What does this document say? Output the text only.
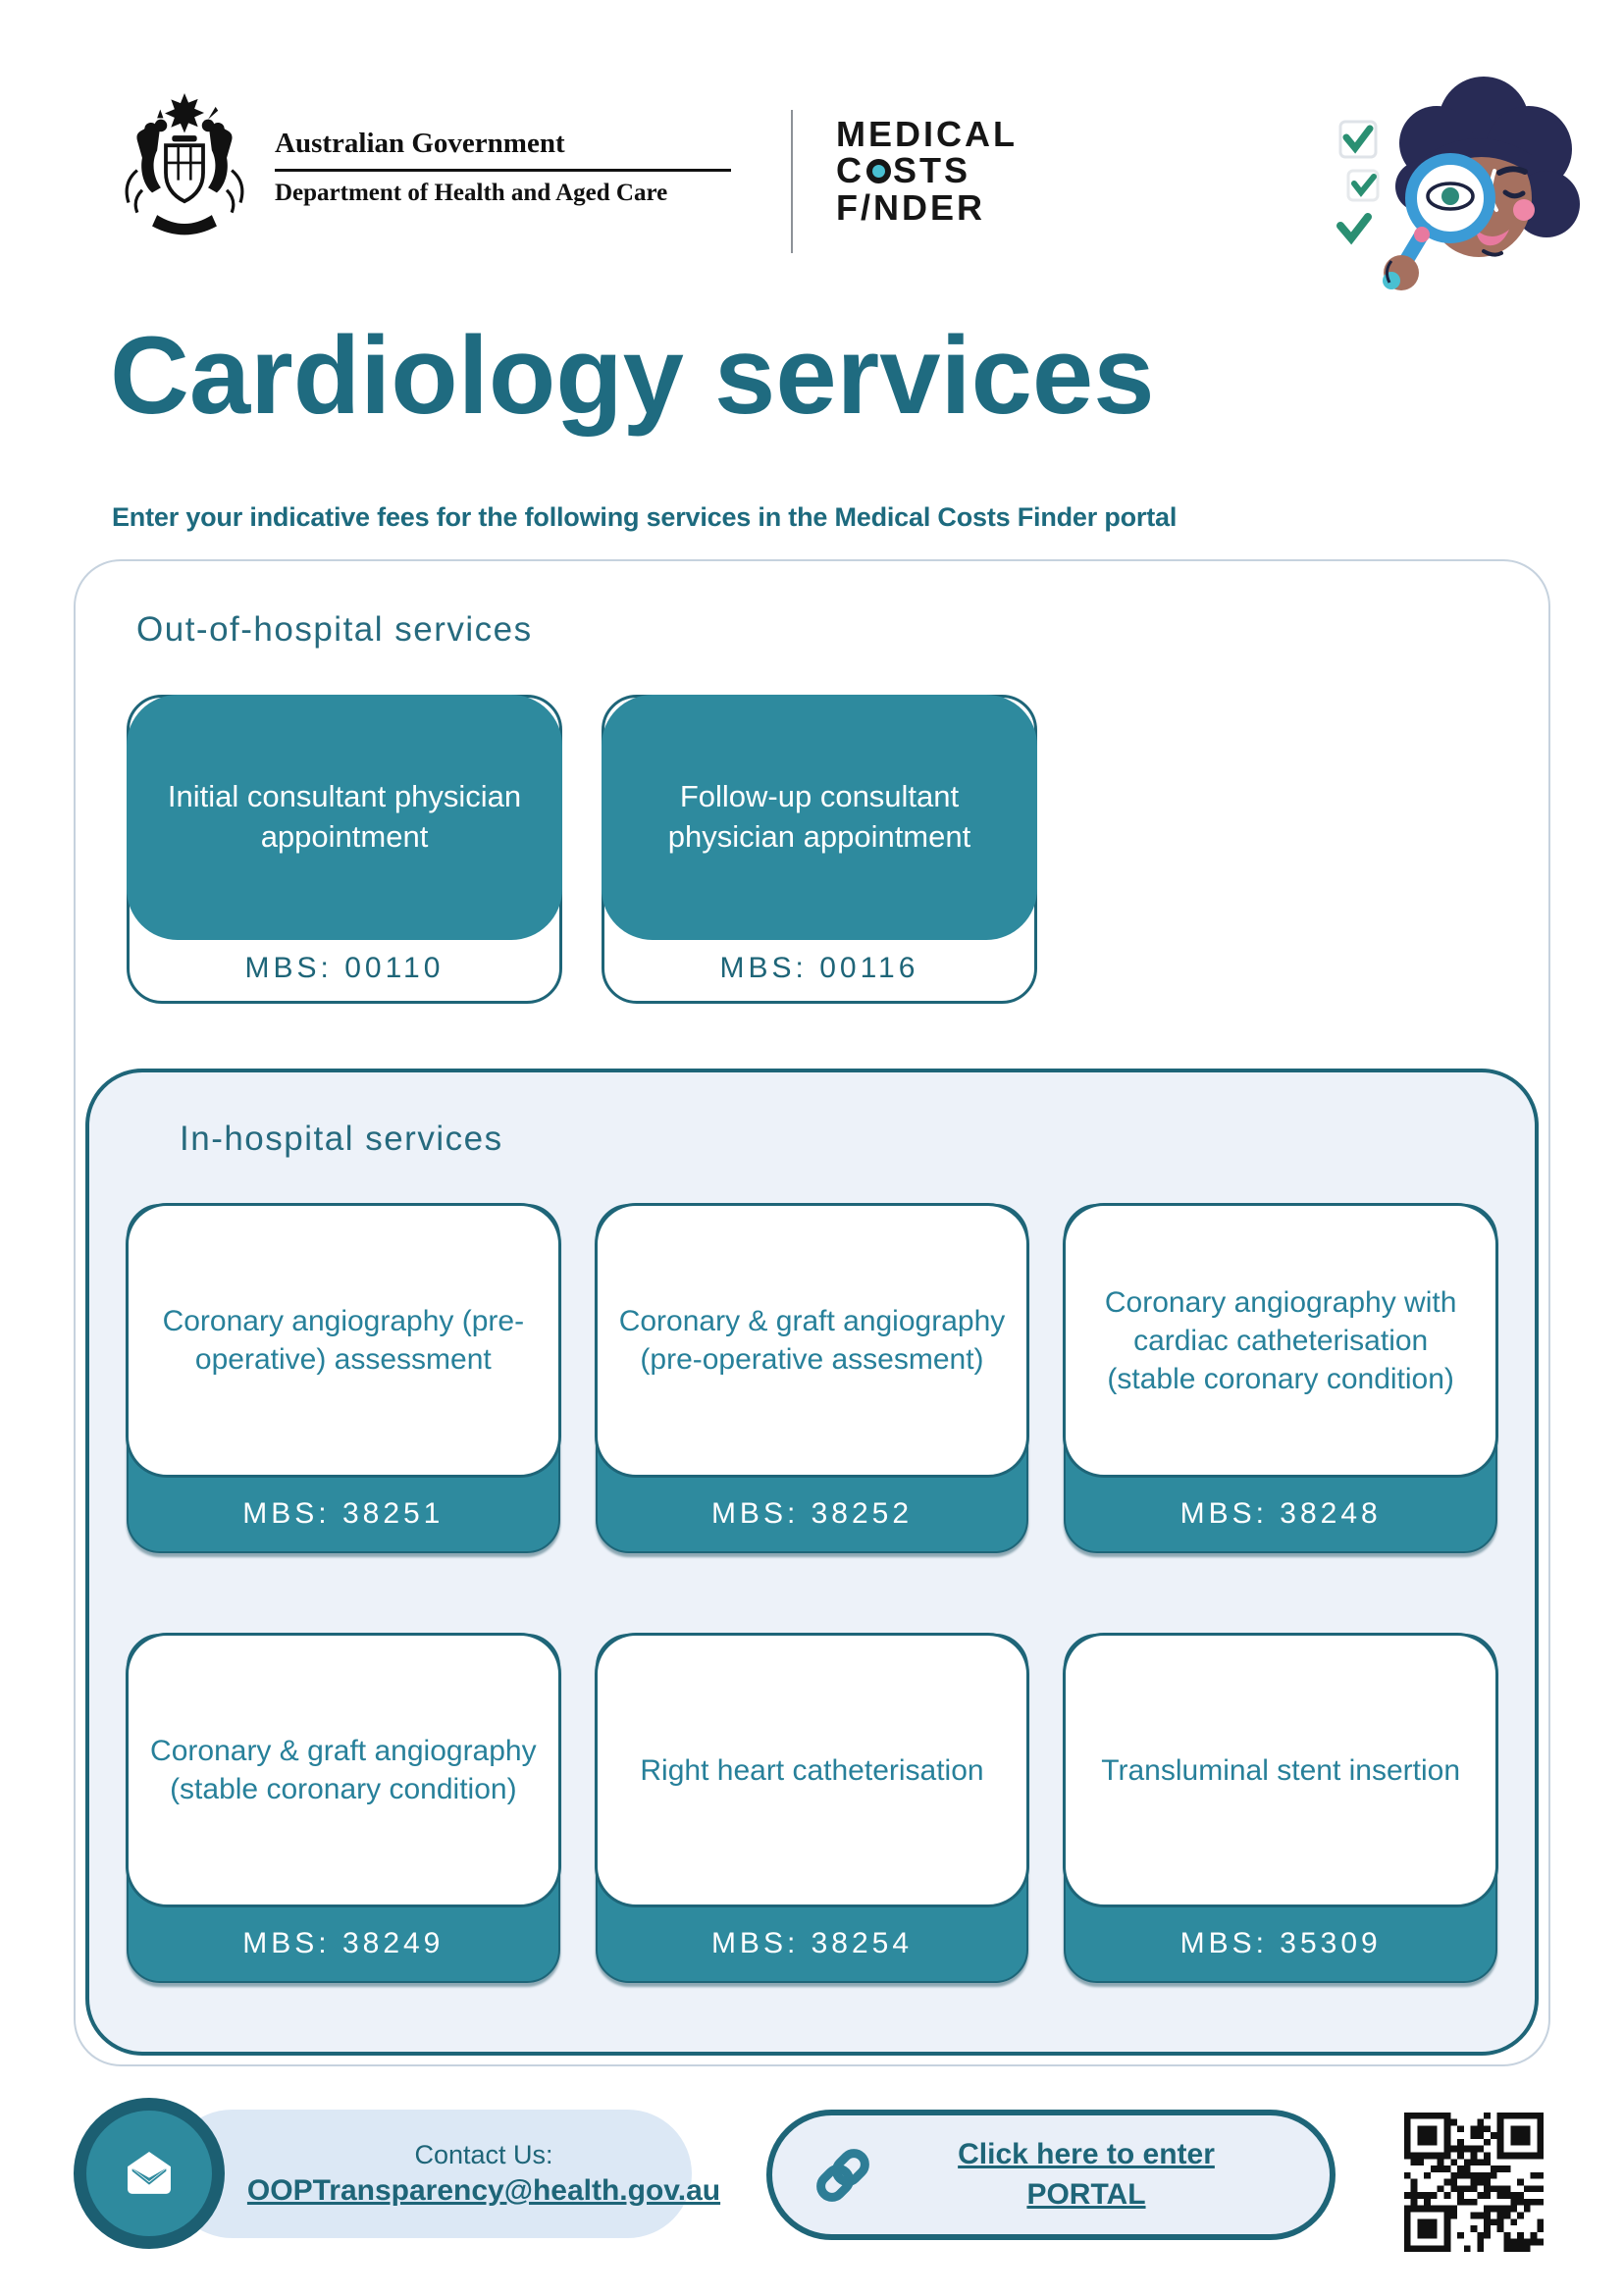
Australian Government
Department of Health and Aged Care
MEDICAL
C STS
F/NDER
Cardiology services
Enter your indicative fees for the following services in the Medical Costs Finder portal
Out-of-hospital services
Initial consultant physician appointment
MBS: 00110
Follow-up consultant physician appointment
MBS: 00116
In-hospital services
Coronary angiography (pre-operative) assessment
MBS: 38251
Coronary & graft angiography (pre-operative assesment)
MBS: 38252
Coronary angiography with cardiac catheterisation (stable coronary condition)
MBS: 38248
Coronary & graft angiography (stable coronary condition)
MBS: 38249
Right heart catheterisation
MBS: 38254
Transluminal stent insertion
MBS: 35309
Contact Us:
OOPTransparency@health.gov.au
Click here to enter
PORTAL
